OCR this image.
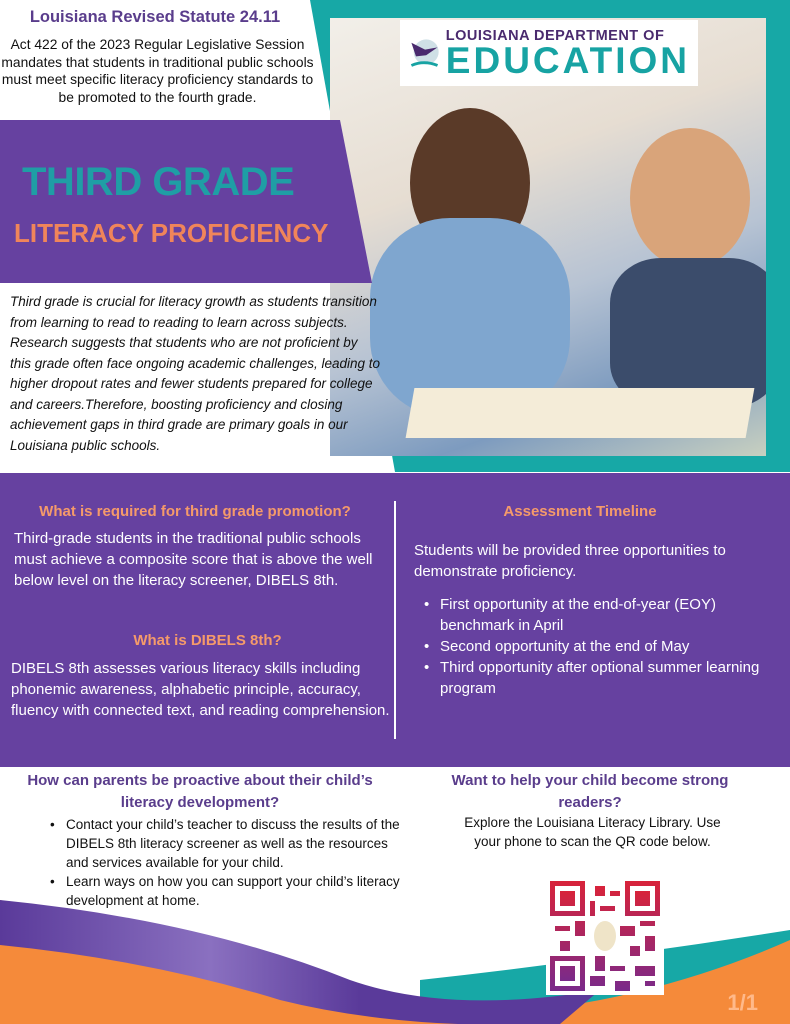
LOUISIANA DEPARTMENT OF
EDUCATION
Louisiana Revised Statute 24.11
Act 422 of the 2023 Regular Legislative Session mandates that students in traditional public schools must meet specific literacy proficiency standards to be promoted to the fourth grade.
THIRD GRADE
LITERACY PROFICIENCY
Third grade is crucial for literacy growth as students transition from learning to read to reading to learn across subjects. Research suggests that students who are not proficient by this grade often face ongoing academic challenges, leading to higher dropout rates and fewer students prepared for college and careers.Therefore, boosting proficiency and closing achievement gaps in third grade are primary goals in our Louisiana public schools.
What is required for third grade promotion?
Third-grade students in the traditional public schools must achieve a composite score that is above the well below level on the literacy screener, DIBELS 8th.
What is DIBELS 8th?
DIBELS 8th assesses various literacy skills including phonemic awareness, alphabetic principle, accuracy, fluency with connected text, and reading comprehension.
Assessment Timeline
Students will be provided three opportunities to demonstrate proficiency.
• First opportunity at the end-of-year (EOY) benchmark in April
• Second opportunity at the end of May
• Third opportunity after optional summer learning program
How can parents be proactive about their child’s literacy development?
• Contact your child’s teacher to discuss the results of the DIBELS 8th literacy screener as well as the resources and services available for your child.
• Learn ways on how you can support your child’s literacy development at home.
Want to help your child become strong readers?
Explore the Louisiana Literacy Library. Use your phone to scan the QR code below.
1/1
